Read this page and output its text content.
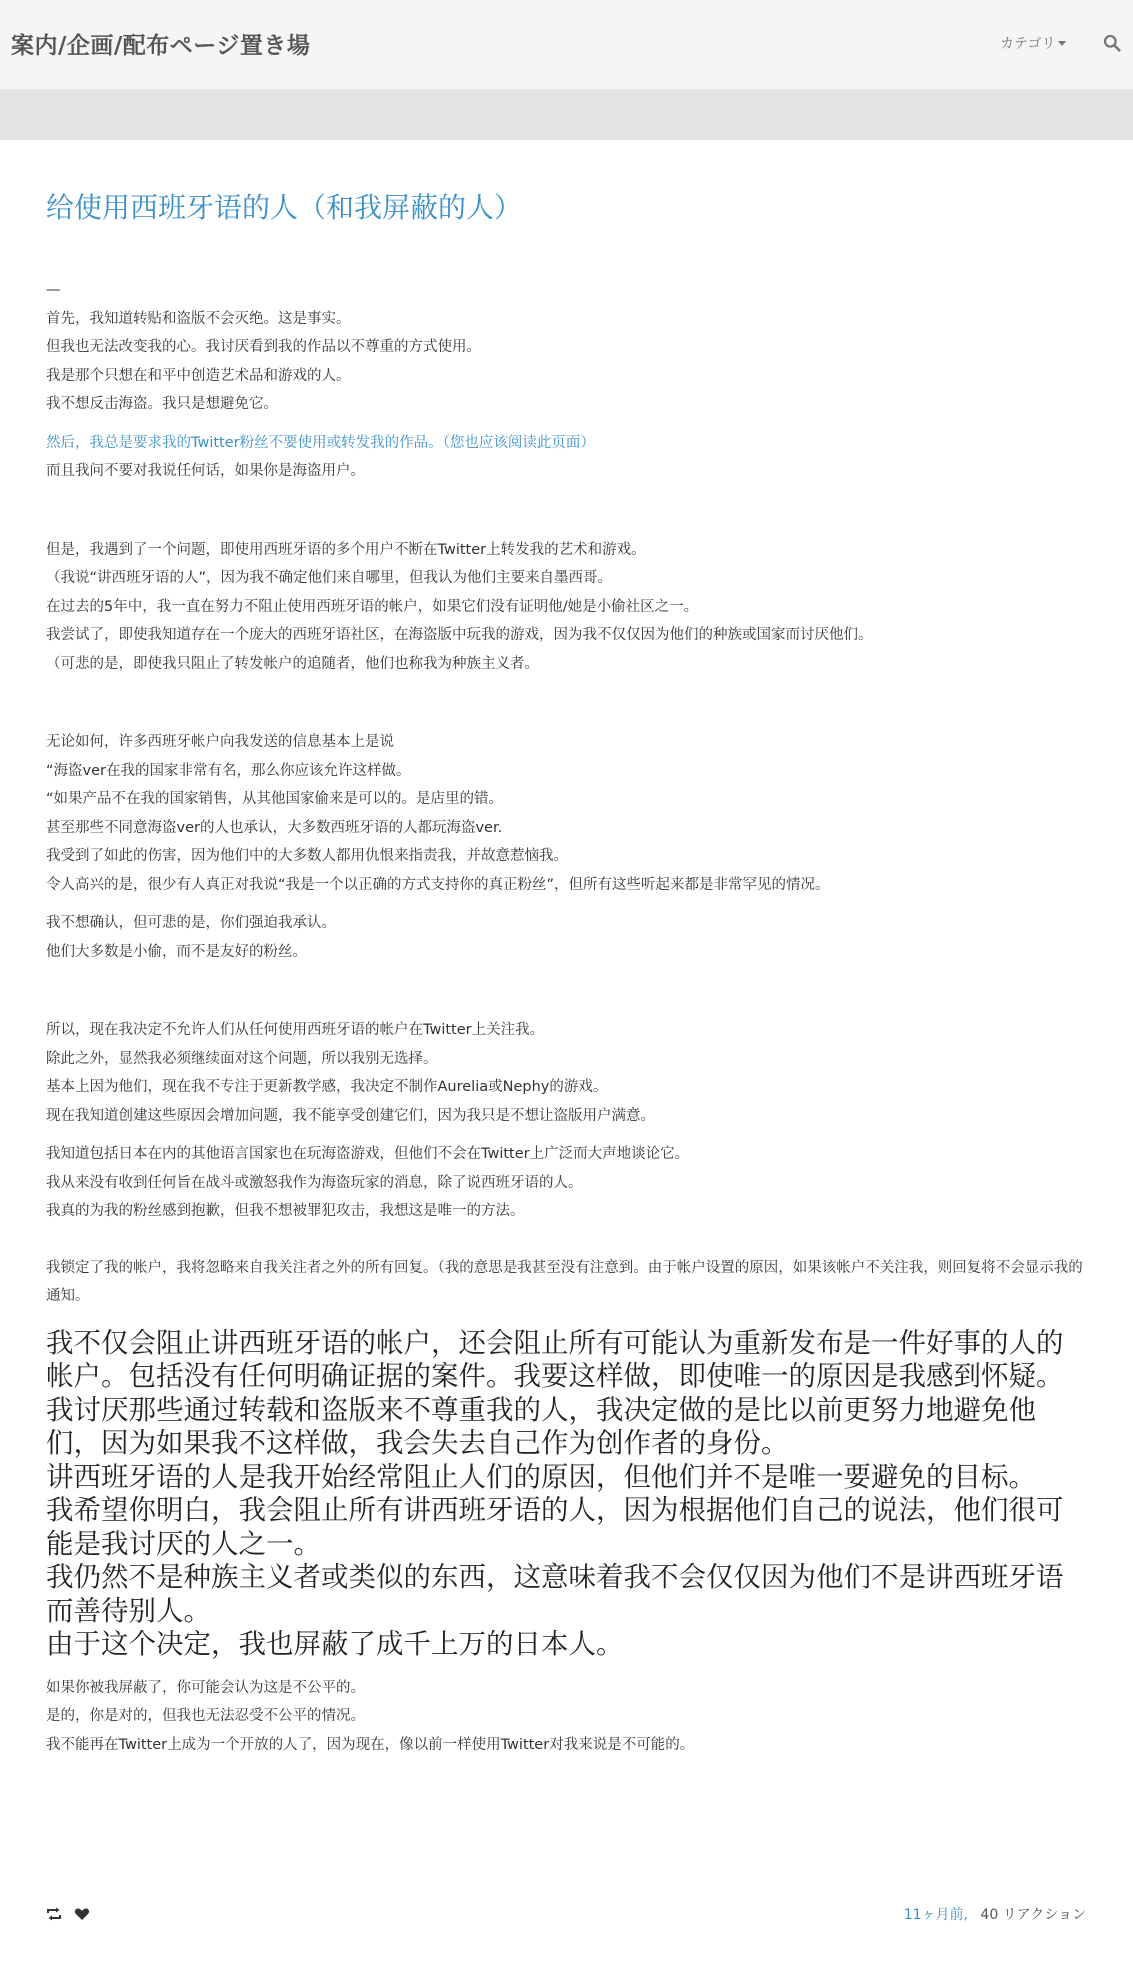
案内/企画/配布ページ置き場	カテゴリ
给使用西班牙语的人（和我屏蔽的人）

—

首先，我知道转贴和盗版不会灭绝。这是事实。

但我也无法改变我的心。我讨厌看到我的作品以不尊重的方式使用。

我是那个只想在和平中创造艺术品和游戏的人。

我不想反击海盗。我只是想避免它。

然后，我总是要求我的Twitter粉丝不要使用或转发我的作品。（您也应该阅读此页面）

而且我问不要对我说任何话，如果你是海盗用户。

但是，我遇到了一个问题，即使用西班牙语的多个用户不断在Twitter上转发我的艺术和游戏。

（我说“讲西班牙语的人”，因为我不确定他们来自哪里，但我认为他们主要来自墨西哥。

在过去的5年中，我一直在努力不阻止使用西班牙语的帐户，如果它们没有证明他/她是小偷社区之一。

我尝试了，即使我知道存在一个庞大的西班牙语社区，在海盗版中玩我的游戏，因为我不仅仅因为他们的种族或国家而讨厌他们。

（可悲的是，即使我只阻止了转发帐户的追随者，他们也称我为种族主义者。

无论如何，许多西班牙帐户向我发送的信息基本上是说

“海盗ver在我的国家非常有名，那么你应该允许这样做。

“如果产品不在我的国家销售，从其他国家偷来是可以的。是店里的错。

甚至那些不同意海盗ver的人也承认，大多数西班牙语的人都玩海盗ver.

我受到了如此的伤害，因为他们中的大多数人都用仇恨来指责我，并故意惹恼我。

令人高兴的是，很少有人真正对我说“我是一个以正确的方式支持你的真正粉丝”，但所有这些听起来都是非常罕见的情况。

我不想确认，但可悲的是，你们强迫我承认。

他们大多数是小偷，而不是友好的粉丝。

所以，现在我决定不允许人们从任何使用西班牙语的帐户在Twitter上关注我。

除此之外，显然我必须继续面对这个问题，所以我别无选择。

基本上因为他们，现在我不专注于更新教学感，我决定不制作Aurelia或Nephy的游戏。

现在我知道创建这些原因会增加问题，我不能享受创建它们，因为我只是不想让盗版用户满意。

我知道包括日本在内的其他语言国家也在玩海盗游戏，但他们不会在Twitter上广泛而大声地谈论它。

我从来没有收到任何旨在战斗或激怒我作为海盗玩家的消息，除了说西班牙语的人。

我真的为我的粉丝感到抱歉，但我不想被罪犯攻击，我想这是唯一的方法。

我锁定了我的帐户，我将忽略来自我关注者之外的所有回复。（我的意思是我甚至没有注意到。由于帐户设置的原因，如果该帐户不关注我，则回复将不会显示我的通知。

我不仅会阻止讲西班牙语的帐户，还会阻止所有可能认为重新发布是一件好事的人的帐户。包括没有任何明确证据的案件。我要这样做，即使唯一的原因是我感到怀疑。

我讨厌那些通过转载和盗版来不尊重我的人，我决定做的是比以前更努力地避免他们，因为如果我不这样做，我会失去自己作为创作者的身份。

讲西班牙语的人是我开始经常阻止人们的原因，但他们并不是唯一要避免的目标。

我希望你明白，我会阻止所有讲西班牙语的人，因为根据他们自己的说法，他们很可能是我讨厌的人之一。

我仍然不是种族主义者或类似的东西，这意味着我不会仅仅因为他们不是讲西班牙语而善待别人。

由于这个决定，我也屏蔽了成千上万的日本人。

如果你被我屏蔽了，你可能会认为这是不公平的。

是的，你是对的，但我也无法忍受不公平的情况。

我不能再在Twitter上成为一个开放的人了，因为现在，像以前一样使用Twitter对我来说是不可能的。

11ヶ月前, 40 リアクション
